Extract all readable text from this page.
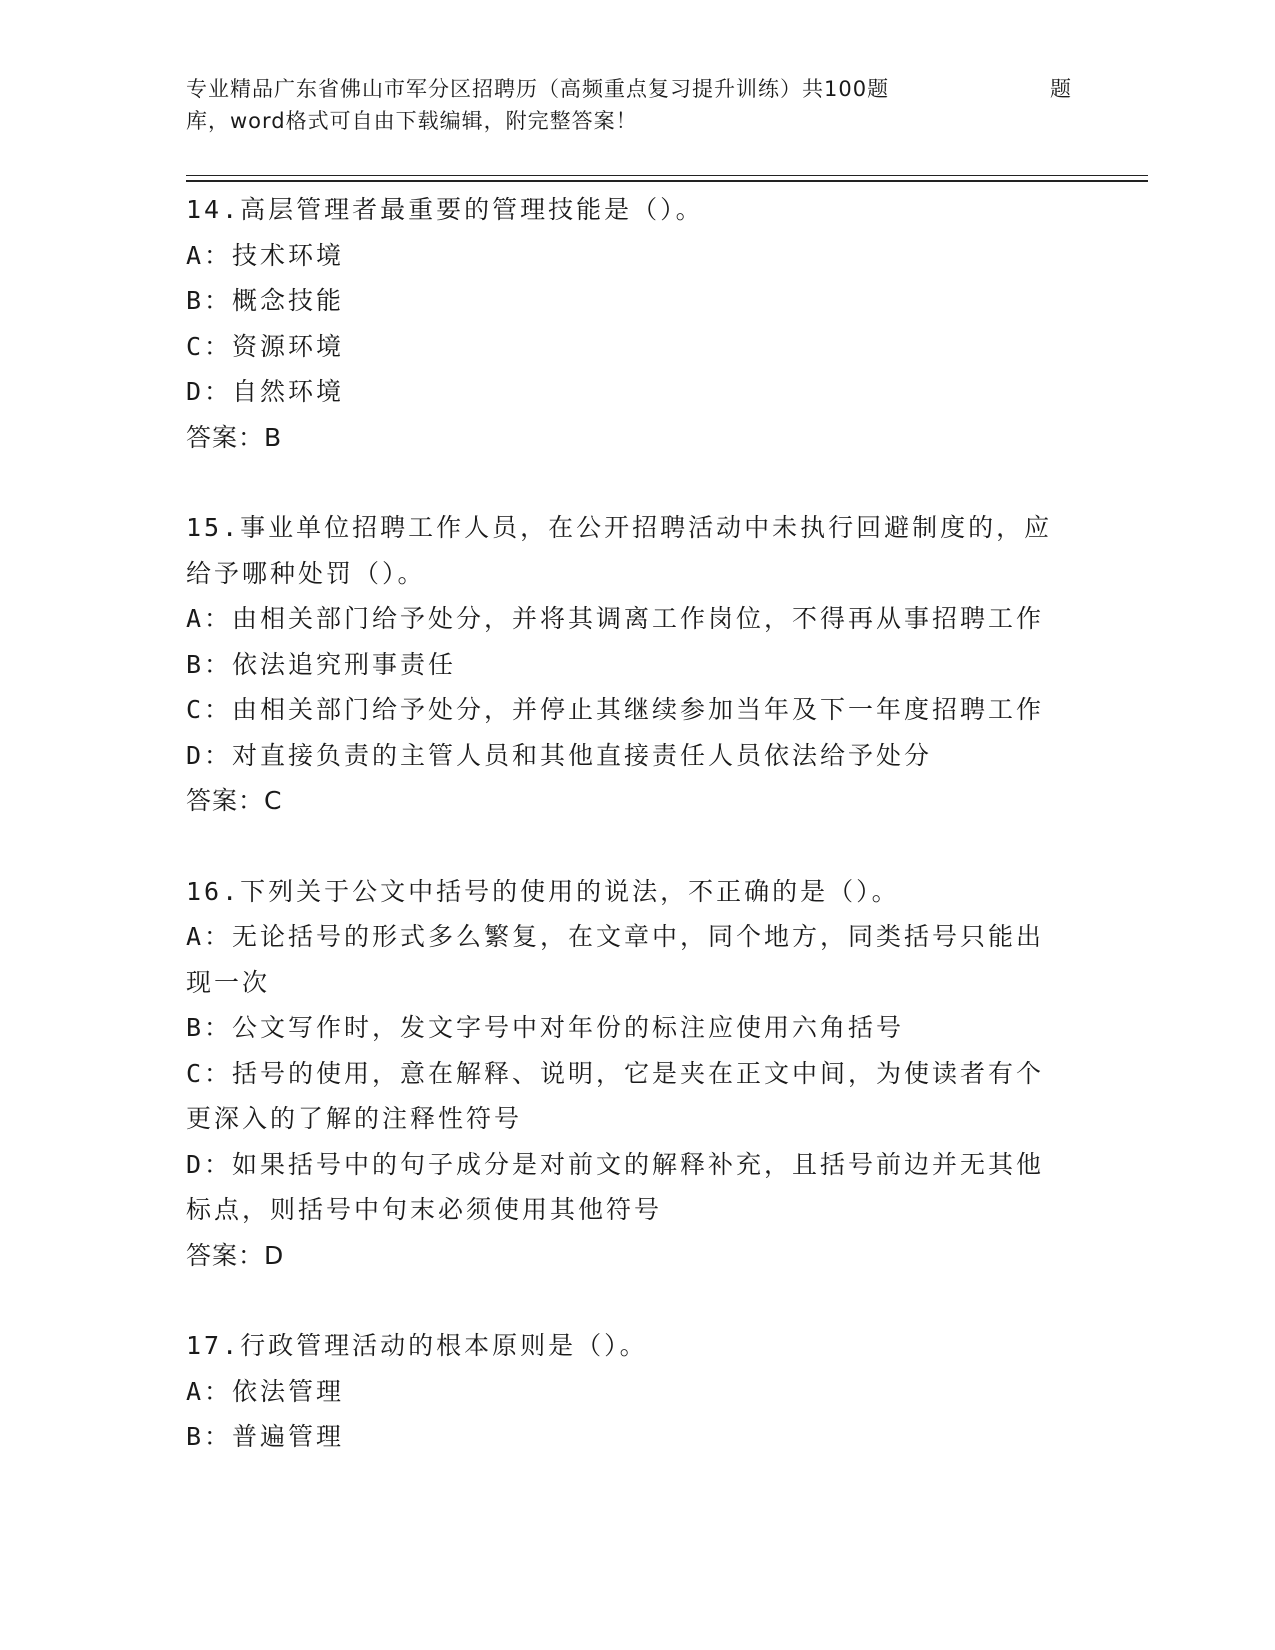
专业精品广东省佛山市军分区招聘历（高频重点复习提升训练）共100题	题
库，word格式可自由下载编辑，附完整答案！
14.高层管理者最重要的管理技能是（）。
A：技术环境
B：概念技能
C：资源环境
D：自然环境
答案：B
15.事业单位招聘工作人员，在公开招聘活动中未执行回避制度的，应
给予哪种处罚（）。
A：由相关部门给予处分，并将其调离工作岗位，不得再从事招聘工作
B：依法追究刑事责任
C：由相关部门给予处分，并停止其继续参加当年及下一年度招聘工作
D：对直接负责的主管人员和其他直接责任人员依法给予处分
答案：C
16.下列关于公文中括号的使用的说法，不正确的是（）。
A：无论括号的形式多么繁复，在文章中，同个地方，同类括号只能出
现一次
B：公文写作时，发文字号中对年份的标注应使用六角括号
C：括号的使用，意在解释、说明，它是夹在正文中间，为使读者有个
更深入的了解的注释性符号
D：如果括号中的句子成分是对前文的解释补充，且括号前边并无其他
标点，则括号中句末必须使用其他符号
答案：D
17.行政管理活动的根本原则是（）。
A：依法管理
B：普遍管理
